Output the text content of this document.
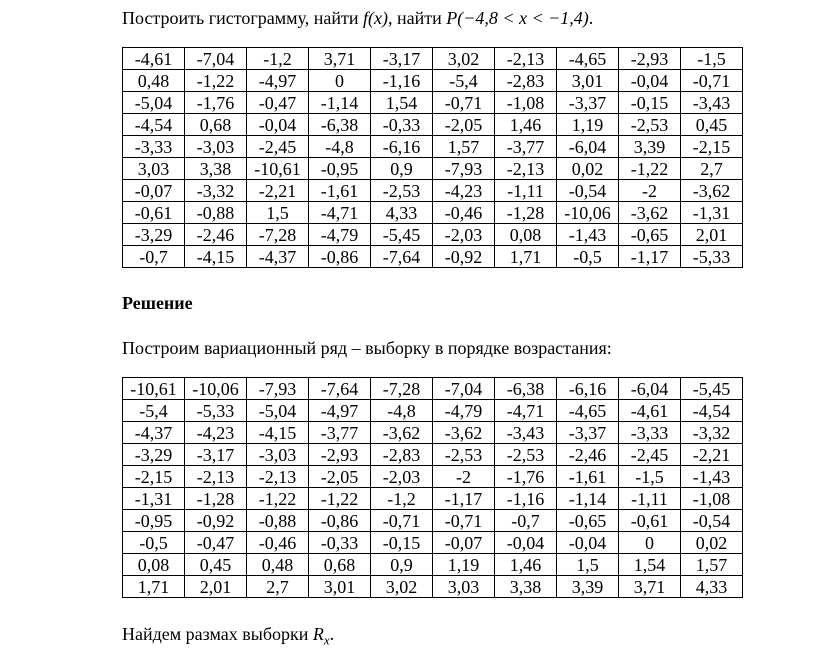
Построить гистограмму, найти f(x), найти P(−4,8 < x < −1,4).

-4,61	-7,04	-1,2	3,71	-3,17	3,02	-2,13	-4,65	-2,93	-1,5
0,48	-1,22	-4,97	0	-1,16	-5,4	-2,83	3,01	-0,04	-0,71
-5,04	-1,76	-0,47	-1,14	1,54	-0,71	-1,08	-3,37	-0,15	-3,43
-4,54	0,68	-0,04	-6,38	-0,33	-2,05	1,46	1,19	-2,53	0,45
-3,33	-3,03	-2,45	-4,8	-6,16	1,57	-3,77	-6,04	3,39	-2,15
3,03	3,38	-10,61	-0,95	0,9	-7,93	-2,13	0,02	-1,22	2,7
-0,07	-3,32	-2,21	-1,61	-2,53	-4,23	-1,11	-0,54	-2	-3,62
-0,61	-0,88	1,5	-4,71	4,33	-0,46	-1,28	-10,06	-3,62	-1,31
-3,29	-2,46	-7,28	-4,79	-5,45	-2,03	0,08	-1,43	-0,65	2,01
-0,7	-4,15	-4,37	-0,86	-7,64	-0,92	1,71	-0,5	-1,17	-5,33

Решение

Построим вариационный ряд – выборку в порядке возрастания:

-10,61	-10,06	-7,93	-7,64	-7,28	-7,04	-6,38	-6,16	-6,04	-5,45
-5,4	-5,33	-5,04	-4,97	-4,8	-4,79	-4,71	-4,65	-4,61	-4,54
-4,37	-4,23	-4,15	-3,77	-3,62	-3,62	-3,43	-3,37	-3,33	-3,32
-3,29	-3,17	-3,03	-2,93	-2,83	-2,53	-2,53	-2,46	-2,45	-2,21
-2,15	-2,13	-2,13	-2,05	-2,03	-2	-1,76	-1,61	-1,5	-1,43
-1,31	-1,28	-1,22	-1,22	-1,2	-1,17	-1,16	-1,14	-1,11	-1,08
-0,95	-0,92	-0,88	-0,86	-0,71	-0,71	-0,7	-0,65	-0,61	-0,54
-0,5	-0,47	-0,46	-0,33	-0,15	-0,07	-0,04	-0,04	0	0,02
0,08	0,45	0,48	0,68	0,9	1,19	1,46	1,5	1,54	1,57
1,71	2,01	2,7	3,01	3,02	3,03	3,38	3,39	3,71	4,33

Найдем размах выборки $R_x$.
